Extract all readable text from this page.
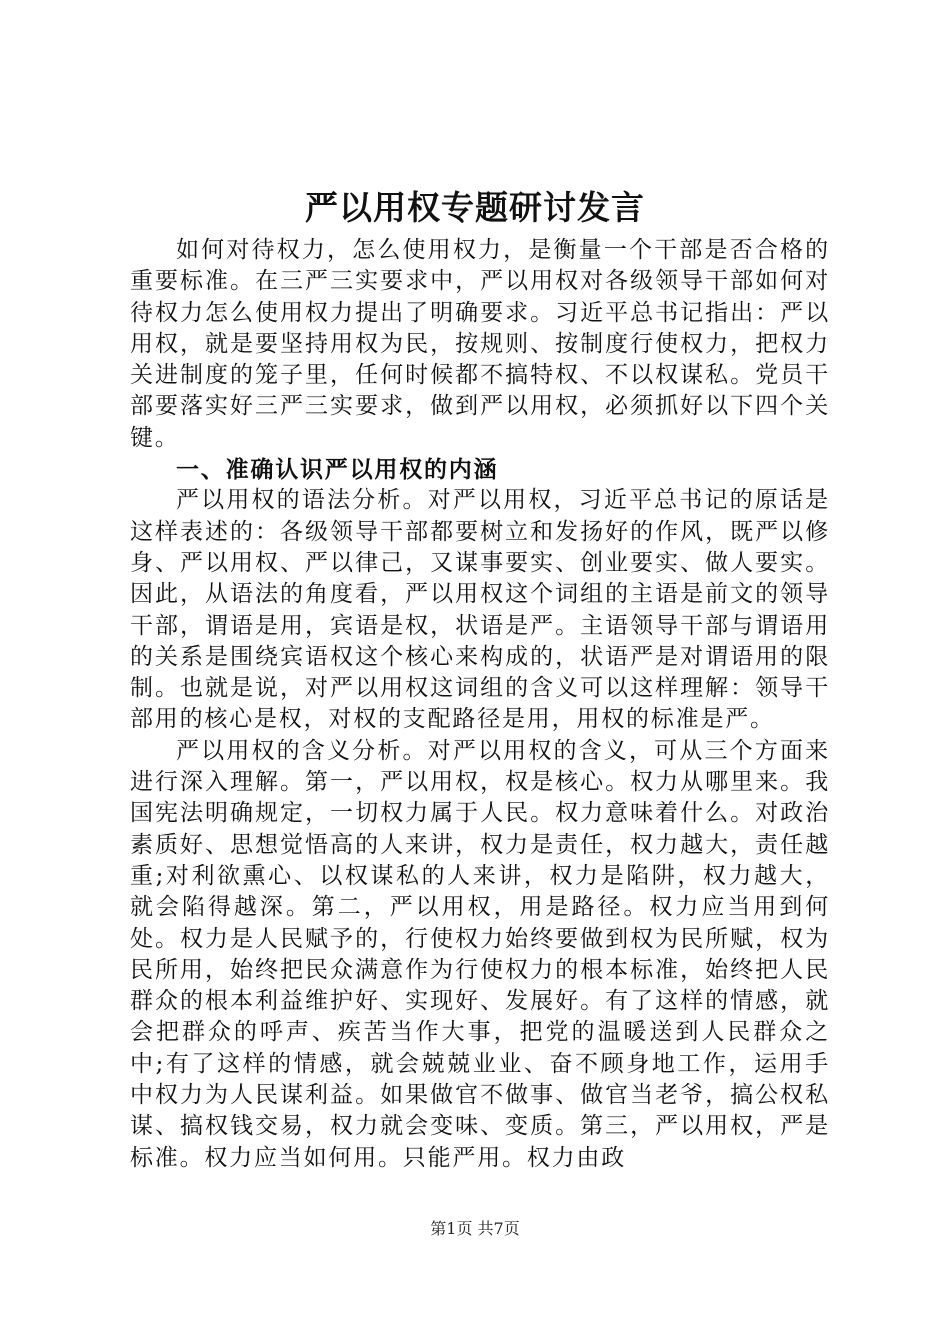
严以用权专题研讨发言

如何对待权力，怎么使用权力，是衡量一个干部是否合格的重要标准。在三严三实要求中，严以用权对各级领导干部如何对待权力怎么使用权力提出了明确要求。习近平总书记指出：严以用权，就是要坚持用权为民，按规则、按制度行使权力，把权力关进制度的笼子里，任何时候都不搞特权、不以权谋私。党员干部要落实好三严三实要求，做到严以用权，必须抓好以下四个关键。

一、准确认识严以用权的内涵

严以用权的语法分析。对严以用权，习近平总书记的原话是这样表述的：各级领导干部都要树立和发扬好的作风，既严以修身、严以用权、严以律己，又谋事要实、创业要实、做人要实。因此，从语法的角度看，严以用权这个词组的主语是前文的领导干部，谓语是用，宾语是权，状语是严。主语领导干部与谓语用的关系是围绕宾语权这个核心来构成的，状语严是对谓语用的限制。也就是说，对严以用权这词组的含义可以这样理解：领导干部用的核心是权，对权的支配路径是用，用权的标准是严。

严以用权的含义分析。对严以用权的含义，可从三个方面来进行深入理解。第一，严以用权，权是核心。权力从哪里来。我国宪法明确规定，一切权力属于人民。权力意味着什么。对政治素质好、思想觉悟高的人来讲，权力是责任，权力越大，责任越重;对利欲熏心、以权谋私的人来讲，权力是陷阱，权力越大，就会陷得越深。第二，严以用权，用是路径。权力应当用到何处。权力是人民赋予的，行使权力始终要做到权为民所赋，权为民所用，始终把民众满意作为行使权力的根本标准，始终把人民群众的根本利益维护好、实现好、发展好。有了这样的情感，就会把群众的呼声、疾苦当作大事，把党的温暖送到人民群众之中;有了这样的情感，就会兢兢业业、奋不顾身地工作，运用手中权力为人民谋利益。如果做官不做事、做官当老爷，搞公权私谋、搞权钱交易，权力就会变味、变质。第三，严以用权，严是标准。权力应当如何用。只能严用。权力由政

第1页 共7页
